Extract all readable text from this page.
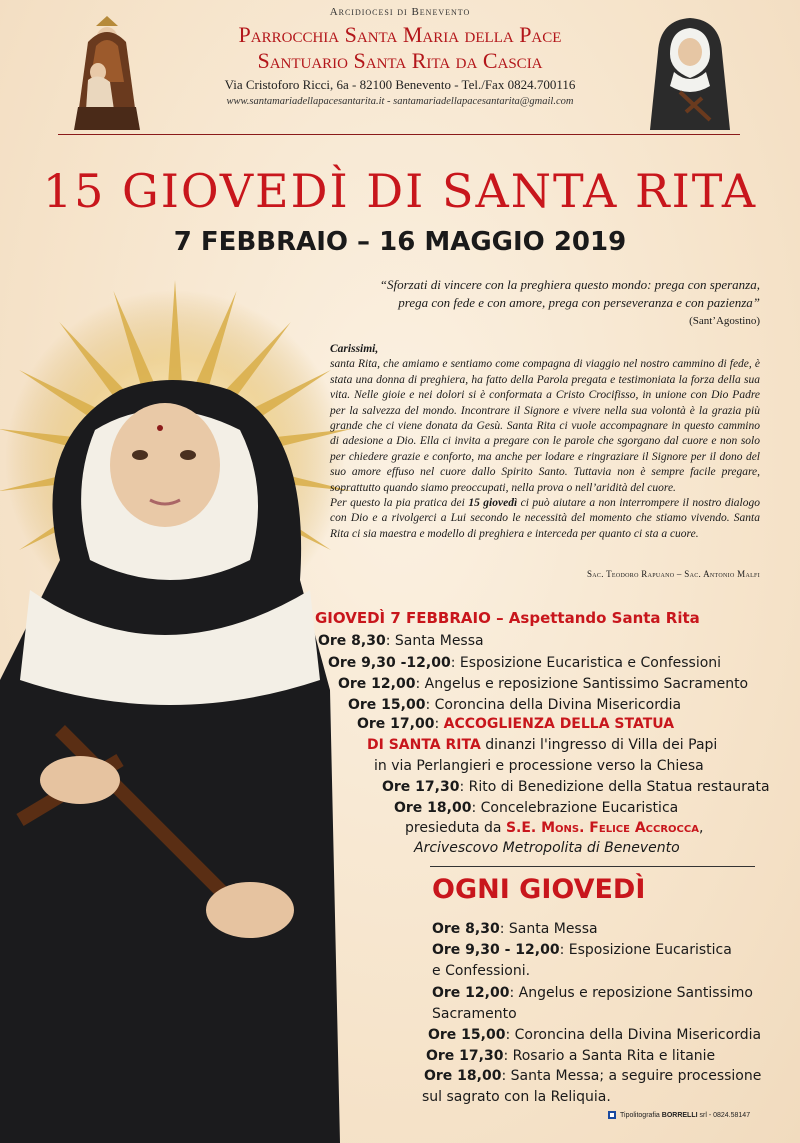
Arcidiocesi di Benevento
Parrocchia Santa Maria della Pace
Santuario Santa Rita da Cascia
Via Cristoforo Ricci, 6a - 82100 Benevento - Tel./Fax 0824.700116
www.santamariadellapacesantarita.it - santamariadellapacesantarita@gmail.com
15 GIOVEDÌ DI SANTA RITA
7 FEBBRAIO – 16 MAGGIO 2019
“Sforzati di vincere con la preghiera questo mondo: prega con speranza,
prega con fede e con amore, prega con perseveranza e con pazienza”
(Sant’Agostino)
Carissimi,

santa Rita, che amiamo e sentiamo come compagna di viaggio nel nostro cammino di fede, è stata una donna di preghiera, ha fatto della Parola pregata e testimoniata la forza della sua vita. Nelle gioie e nei dolori si è conformata a Cristo Crocifisso, in unione con Dio Padre per la salvezza del mondo. Incontrare il Signore e vivere nella sua volontà è la grazia più grande che ci viene donata da Gesù. Santa Rita ci vuole accompagnare in questo cammino di adesione a Dio. Ella ci invita a pregare con le parole che sgorgano dal cuore e non solo per chiedere grazie e conforto, ma anche per lodare e ringraziare il Signore per il dono del suo amore effuso nel cuore dallo Spirito Santo. Tuttavia non è sempre facile pregare, soprattutto quando siamo preoccupati, nella prova o nell’aridità del cuore.

Per questo la pia pratica dei 15 giovedì ci può aiutare a non interrompere il nostro dialogo con Dio e a rivolgerci a Lui secondo le necessità del momento che stiamo vivendo. Santa Rita ci sia maestra e modello di preghiera e interceda per quanto ci sta a cuore.

Sac. Teodoro Rapuano – Sac. Antonio Malfi
GIOVEDÌ 7 FEBBRAIO – Aspettando Santa Rita
Ore 8,30: Santa Messa
Ore 9,30 -12,00: Esposizione Eucaristica e Confessioni
Ore 12,00: Angelus e reposizione Santissimo Sacramento
Ore 15,00: Coroncina della Divina Misericordia
Ore 17,00: ACCOGLIENZA DELLA STATUA
DI SANTA RITA dinanzi l'ingresso di Villa dei Papi
in via Perlangieri e processione verso la Chiesa
Ore 17,30: Rito di Benedizione della Statua restaurata
Ore 18,00: Concelebrazione Eucaristica
presieduta da S.E. Mons. Felice Accrocca,
Arcivescovo Metropolita di Benevento
OGNI GIOVEDÌ
Ore 8,30: Santa Messa
Ore 9,30 - 12,00: Esposizione Eucaristica
e Confessioni.
Ore 12,00: Angelus e reposizione Santissimo
Sacramento
Ore 15,00: Coroncina della Divina Misericordia
Ore 17,30: Rosario a Santa Rita e litanie
Ore 18,00: Santa Messa; a seguire processione
sul sagrato con la Reliquia.
Tipolitografia BORRELLI srl - 0824.58147
